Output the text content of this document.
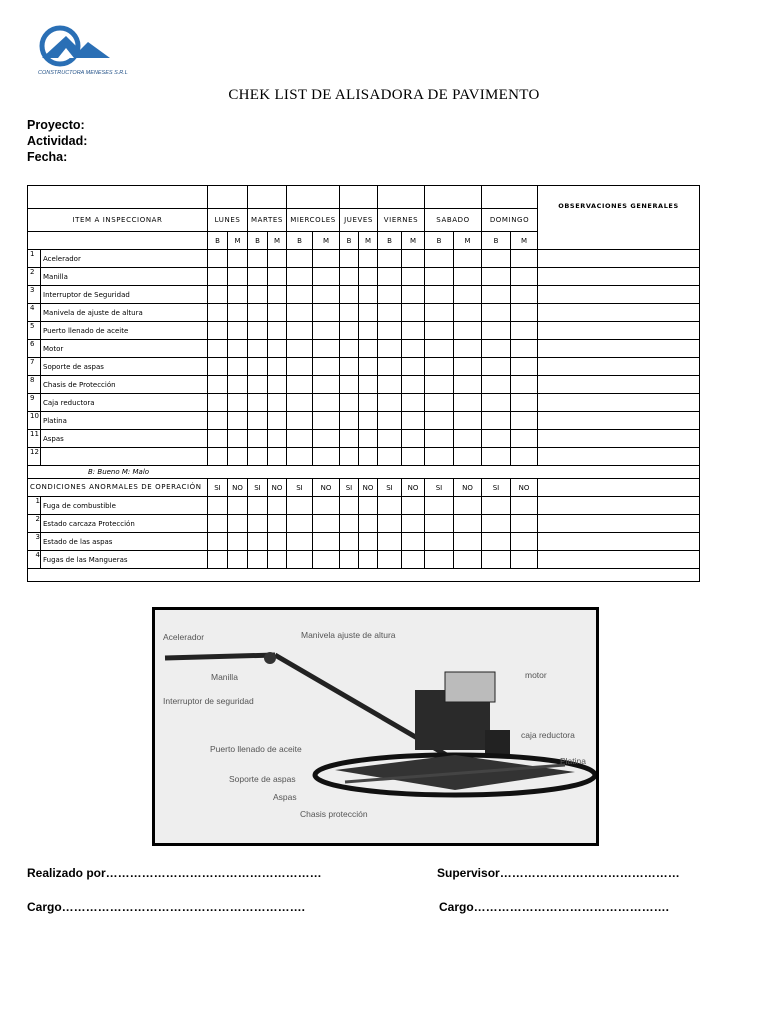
CONSTRUCTORA MENESES S.R.L
CHEK LIST DE ALISADORA DE PAVIMENTO
Proyecto:
Actividad:
Fecha:
																OBSERVACIONES GENERALES
ITEM A INSPECCIONAR		LUNES		MARTES		MIERCOLES		JUEVES		VIERNES		SABADO		DOMINGO		
		B	M	B	M	B	M	B	M	B	M	B	M	B	M	
1	Acelerador															
2	Manilla															
3	Interruptor de Seguridad															
4	Manivela de ajuste de altura															
5	Puerto llenado de aceite															
6	Motor															
7	Soporte de aspas															
8	Chasis de Protección															
9	Caja reductora															
10	Platina															
11	Aspas															
12																
B: Bueno M: Malo																
CONDICIONES ANORMALES DE OPERACIÓN		SI	NO	SI	NO	SI	NO	SI	NO	SI	NO	SI	NO	SI	NO	
1	Fuga de combustible															
2	Estado carcaza Protección															
3	Estado de las aspas															
4	Fugas de las Mangueras															

Acelerador	Manivela ajuste de altura
Manilla	motor
Interruptor de seguridad
caja reductora
Puerto llenado de aceite
Platina
Soporte de aspas
Aspas
Chasis protección
Realizado por………………………………………………	Supervisor………………………………………
Cargo…………………………………………………….	Cargo………………………………………….
